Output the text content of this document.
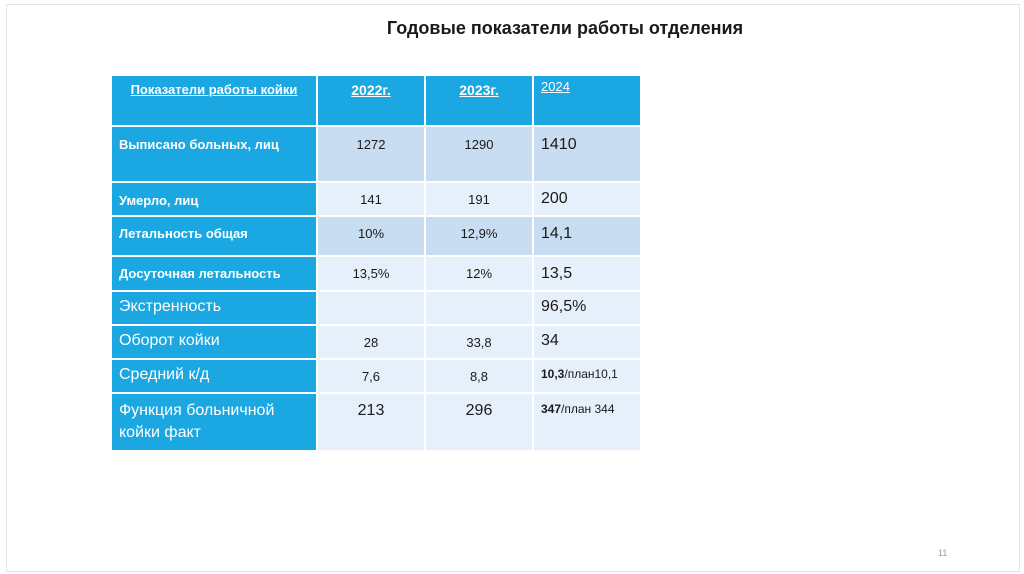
Годовые показатели работы отделения
Показатели работы койки	2022г.	2023г.	2024
Выписано больных, лиц	1272	1290	1410
Умерло, лиц	141	191	200
Летальность общая	10%	12,9%	14,1
Досуточная летальность	13,5%	12%	13,5
Экстренность			96,5%
Оборот койки	28	33,8	34
Средний к/д	7,6	8,8	10,3/план10,1
Функция больничной койки факт	213	296	347/план 344
11
